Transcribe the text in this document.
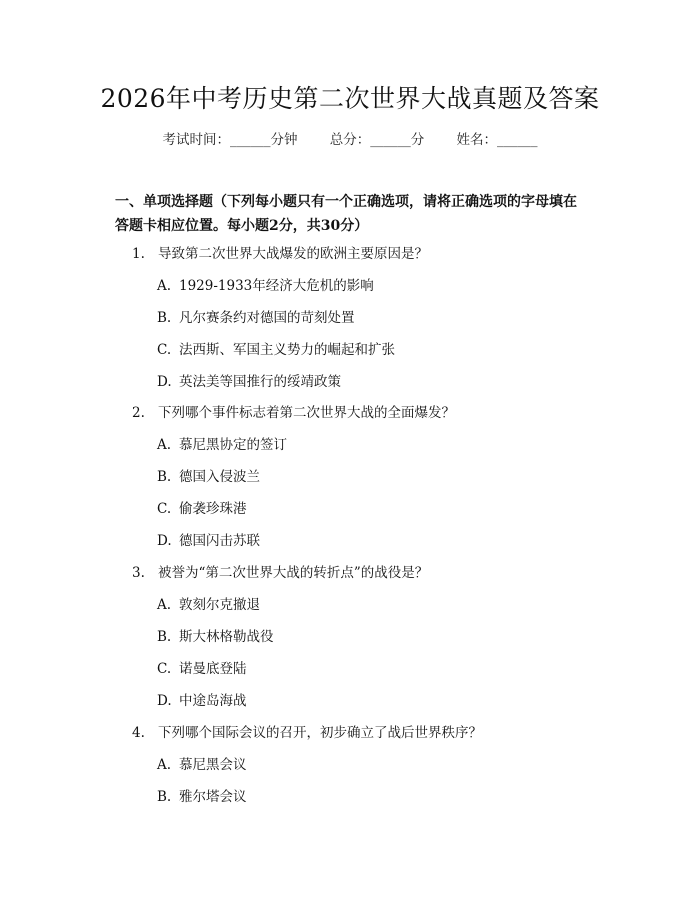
2026年中考历史第二次世界大战真题及答案
考试时间：______分钟 总分：______分 姓名：______
一、单项选择题（下列每小题只有一个正确选项，请将正确选项的字母填在答题卡相应位置。每小题2分，共30分）
1. 导致第二次世界大战爆发的欧洲主要原因是？
A. 1929-1933年经济大危机的影响
B. 凡尔赛条约对德国的苛刻处置
C. 法西斯、军国主义势力的崛起和扩张
D. 英法美等国推行的绥靖政策
2. 下列哪个事件标志着第二次世界大战的全面爆发？
A. 慕尼黑协定的签订
B. 德国入侵波兰
C. 偷袭珍珠港
D. 德国闪击苏联
3. 被誉为“第二次世界大战的转折点”的战役是？
A. 敦刻尔克撤退
B. 斯大林格勒战役
C. 诺曼底登陆
D. 中途岛海战
4. 下列哪个国际会议的召开，初步确立了战后世界秩序？
A. 慕尼黑会议
B. 雅尔塔会议
